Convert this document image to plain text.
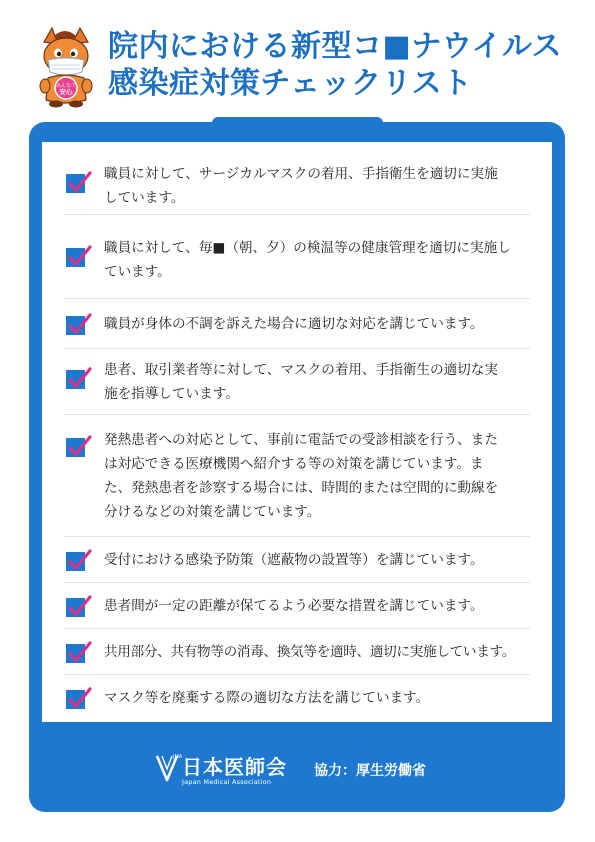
みんなで
安心
院内における新型コ■ナウイルス
感染症対策チェックリスト
職員に対して、サージカルマスクの着用、手指衛生を適切に実施
しています。
職員に対して、毎■（朝、夕）の検温等の健康管理を適切に実施し
ています。
職員が身体の不調を訴えた場合に適切な対応を講じています。
患者、取引業者等に対して、マスクの着用、手指衛生の適切な実
施を指導しています。
発熱患者への対応として、事前に電話での受診相談を行う、また
は対応できる医療機関へ紹介する等の対策を講じています。ま
た、発熱患者を診察する場合には、時間的または空間的に動線を
分けるなどの対策を講じています。
受付における感染予防策（遮蔽物の設置等）を講じています。
患者間が一定の距離が保てるよう必要な措置を講じています。
共用部分、共有物等の消毒、換気等を適時、適切に実施しています。
マスク等を廃棄する際の適切な方法を講じています。
JMA 日本医師会
Japan Medical Association
協力：厚生労働省
